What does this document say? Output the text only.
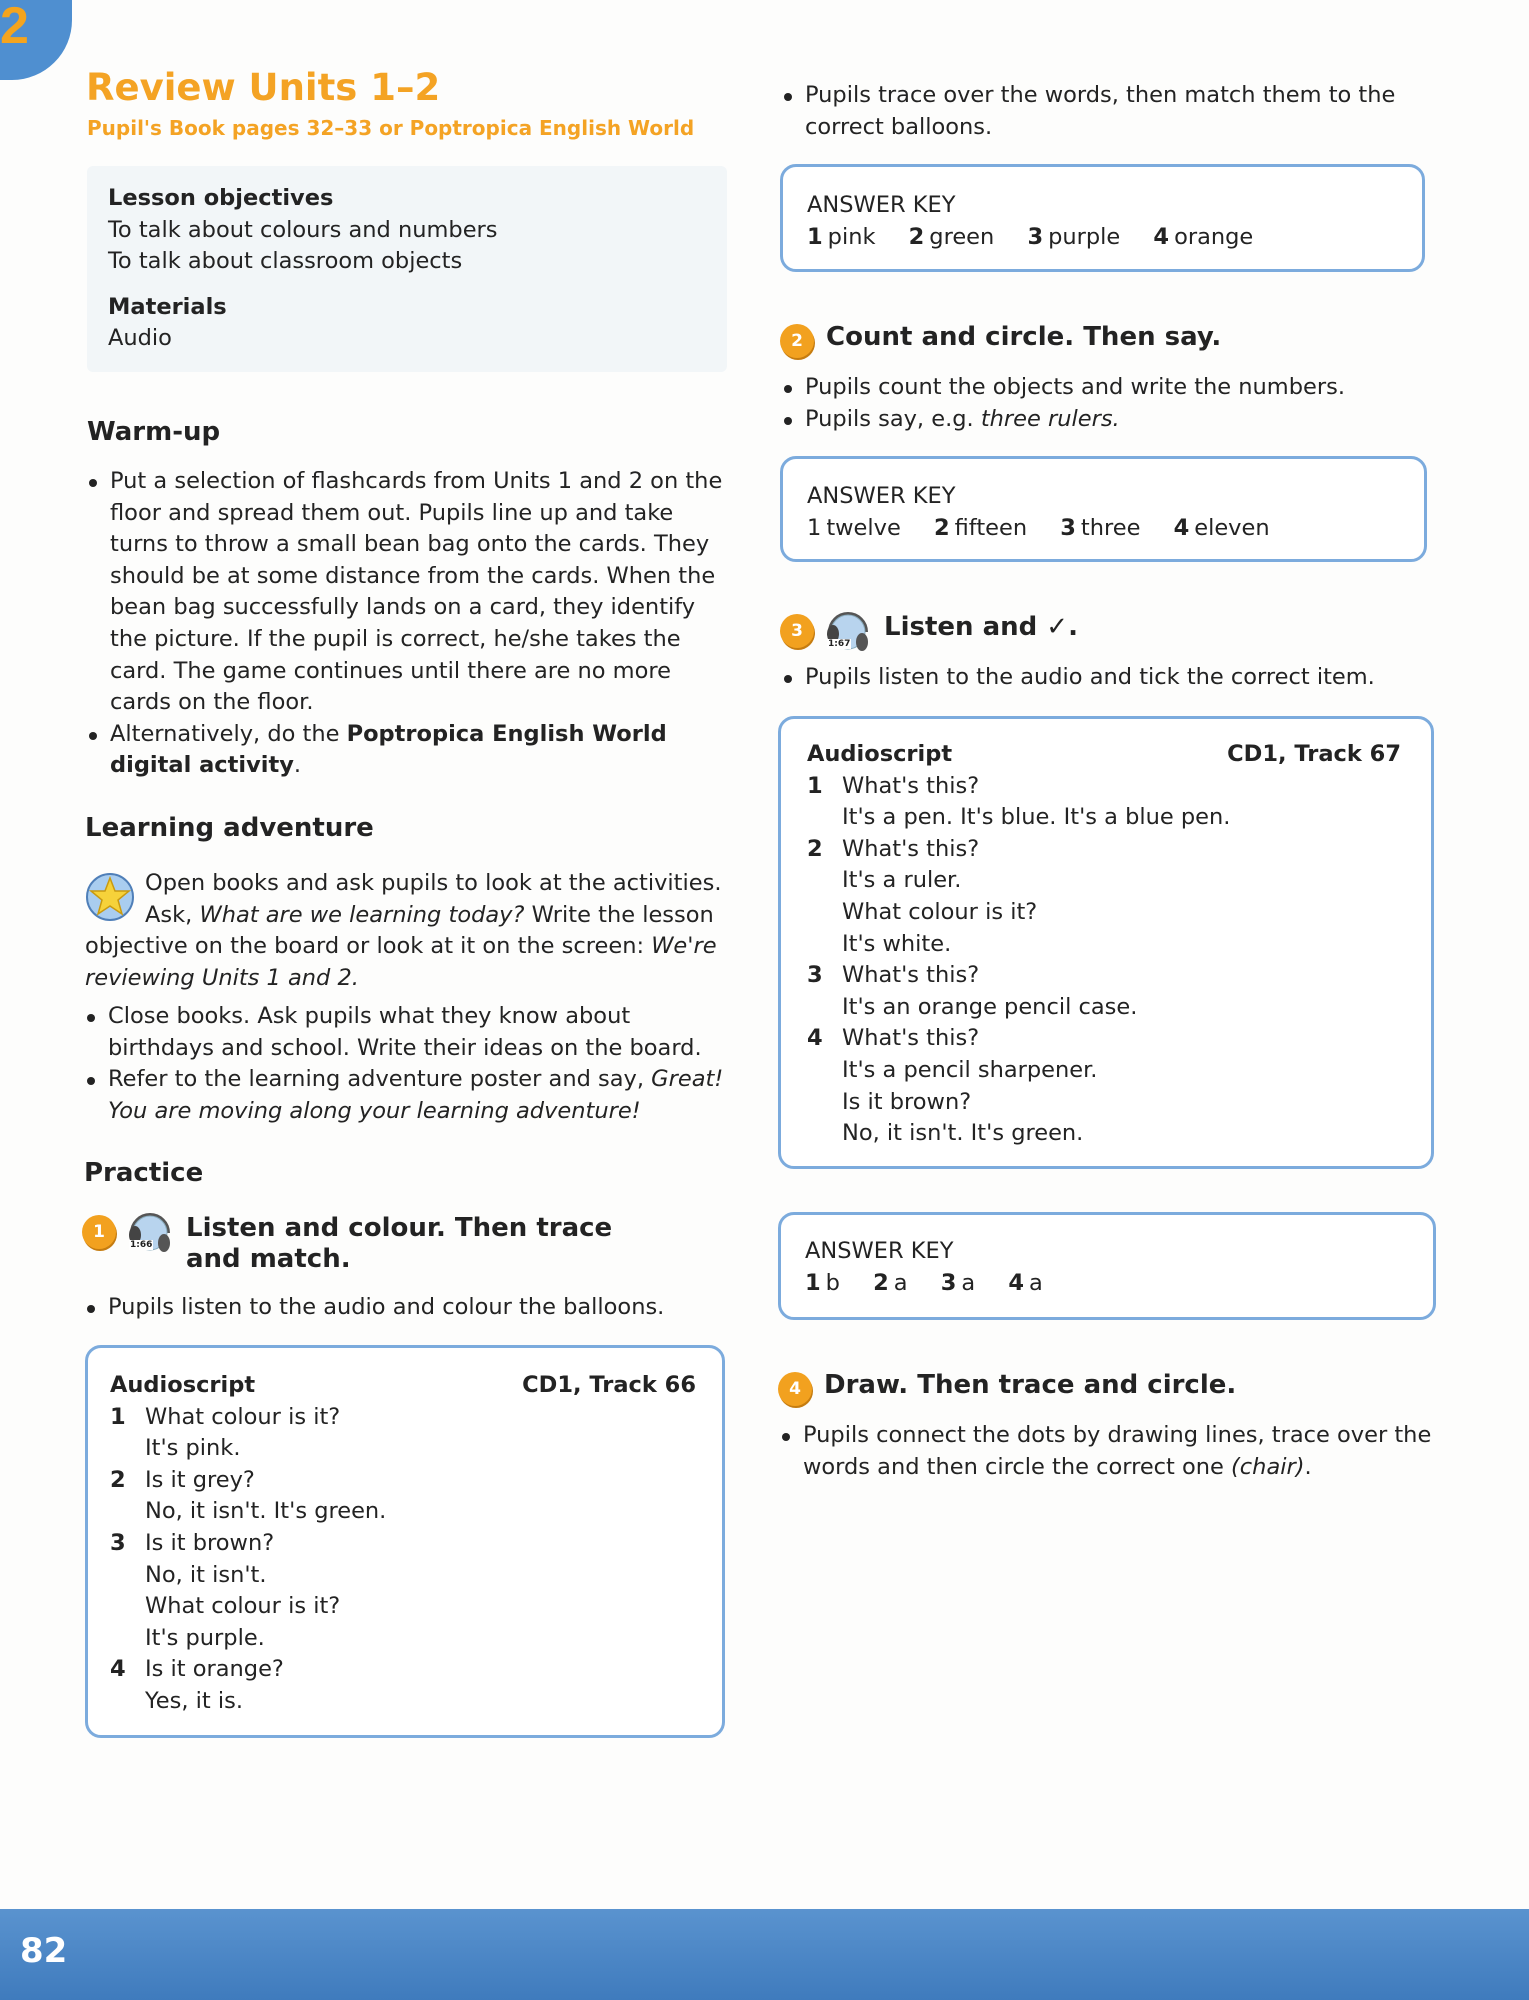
2
Review Units 1–2
Pupil's Book pages 32–33 or Poptropica English World
Lesson objectives
To talk about colours and numbers
To talk about classroom objects
Materials
Audio
Warm-up
Put a selection of flashcards from Units 1 and 2 on the floor and spread them out. Pupils line up and take turns to throw a small bean bag onto the cards. They should be at some distance from the cards. When the bean bag successfully lands on a card, they identify the picture. If the pupil is correct, he/she takes the card. The game continues until there are no more cards on the floor.
Alternatively, do the Poptropica English World digital activity.
Learning adventure
Open books and ask pupils to look at the activities. Ask, What are we learning today? Write the lesson objective on the board or look at it on the screen: We're reviewing Units 1 and 2.
Close books. Ask pupils what they know about birthdays and school. Write their ideas on the board.
Refer to the learning adventure poster and say, Great! You are moving along your learning adventure!
Practice
1
1:66
Listen and colour. Then trace and match.
Pupils listen to the audio and colour the balloons.
Audioscript	CD1, Track 66
1 What colour is it?
It's pink.
2 Is it grey?
No, it isn't. It's green.
3 Is it brown?
No, it isn't.
What colour is it?
It's purple.
4 Is it orange?
Yes, it is.
Pupils trace over the words, then match them to the correct balloons.
ANSWER KEY
1 pink 2 green 3 purple 4 orange
2 Count and circle. Then say.
Pupils count the objects and write the numbers.
Pupils say, e.g. three rulers.
ANSWER KEY
1 twelve 2 fifteen 3 three 4 eleven
3
1:67
Listen and ✓.
Pupils listen to the audio and tick the correct item.
Audioscript	CD1, Track 67
1 What's this?
It's a pen. It's blue. It's a blue pen.
2 What's this?
It's a ruler.
What colour is it?
It's white.
3 What's this?
It's an orange pencil case.
4 What's this?
It's a pencil sharpener.
Is it brown?
No, it isn't. It's green.
ANSWER KEY
1 b 2 a 3 a 4 a
4 Draw. Then trace and circle.
Pupils connect the dots by drawing lines, trace over the words and then circle the correct one (chair).
82
